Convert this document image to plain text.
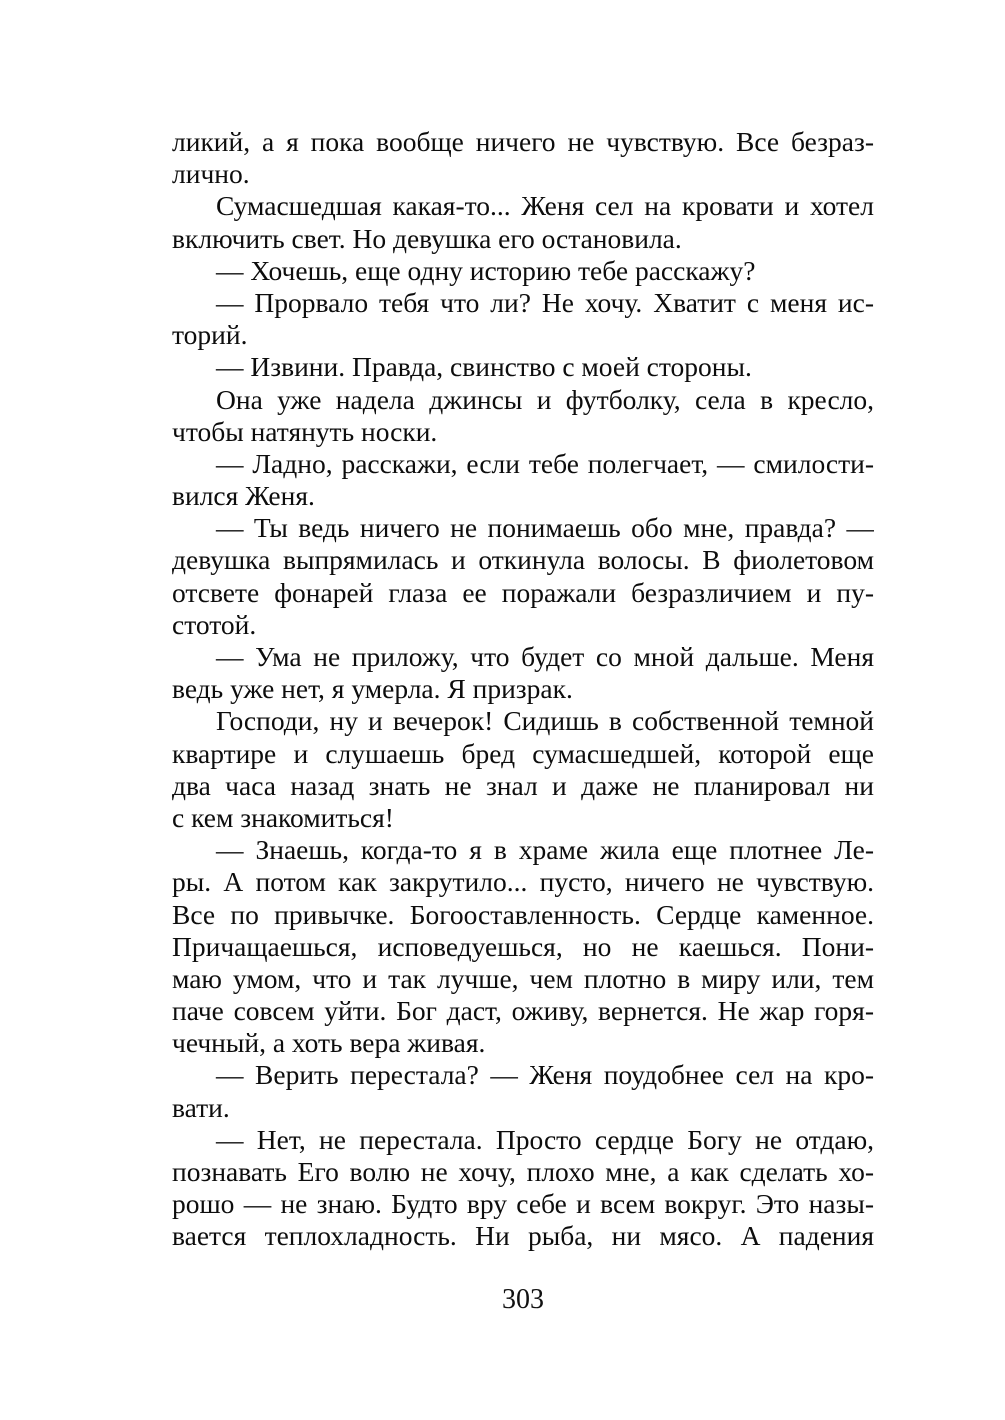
ликий, а я пока вообще ничего не чувствую. Все безраз-
лично.
Сумасшедшая какая-то... Женя сел на кровати и хотел
включить свет. Но девушка его остановила.
— Хочешь, еще одну историю тебе расскажу?
— Прорвало тебя что ли? Не хочу. Хватит с меня ис-
торий.
— Извини. Правда, свинство с моей стороны.
Она уже надела джинсы и футболку, села в кресло,
чтобы натянуть носки.
— Ладно, расскажи, если тебе полегчает, — смилости-
вился Женя.
— Ты ведь ничего не понимаешь обо мне, правда? —
девушка выпрямилась и откинула волосы. В фиолетовом
отсвете фонарей глаза ее поражали безразличием и пу-
стотой.
— Ума не приложу, что будет со мной дальше. Меня
ведь уже нет, я умерла. Я призрак.
Господи, ну и вечерок! Сидишь в собственной темной
квартире и слушаешь бред сумасшедшей, которой еще
два часа назад знать не знал и даже не планировал ни
с кем знакомиться!
— Знаешь, когда-то я в храме жила еще плотнее Ле-
ры. А потом как закрутило... пусто, ничего не чувствую.
Все по привычке. Богооставленность. Сердце каменное.
Причащаешься, исповедуешься, но не каешься. Пони-
маю умом, что и так лучше, чем плотно в миру или, тем
паче совсем уйти. Бог даст, оживу, вернется. Не жар горя-
чечный, а хоть вера живая.
— Верить перестала? — Женя поудобнее сел на кро-
вати.
— Нет, не перестала. Просто сердце Богу не отдаю,
познавать Его волю не хочу, плохо мне, а как сделать хо-
рошо — не знаю. Будто вру себе и всем вокруг. Это назы-
вается теплохладность. Ни рыба, ни мясо. А падения
303
